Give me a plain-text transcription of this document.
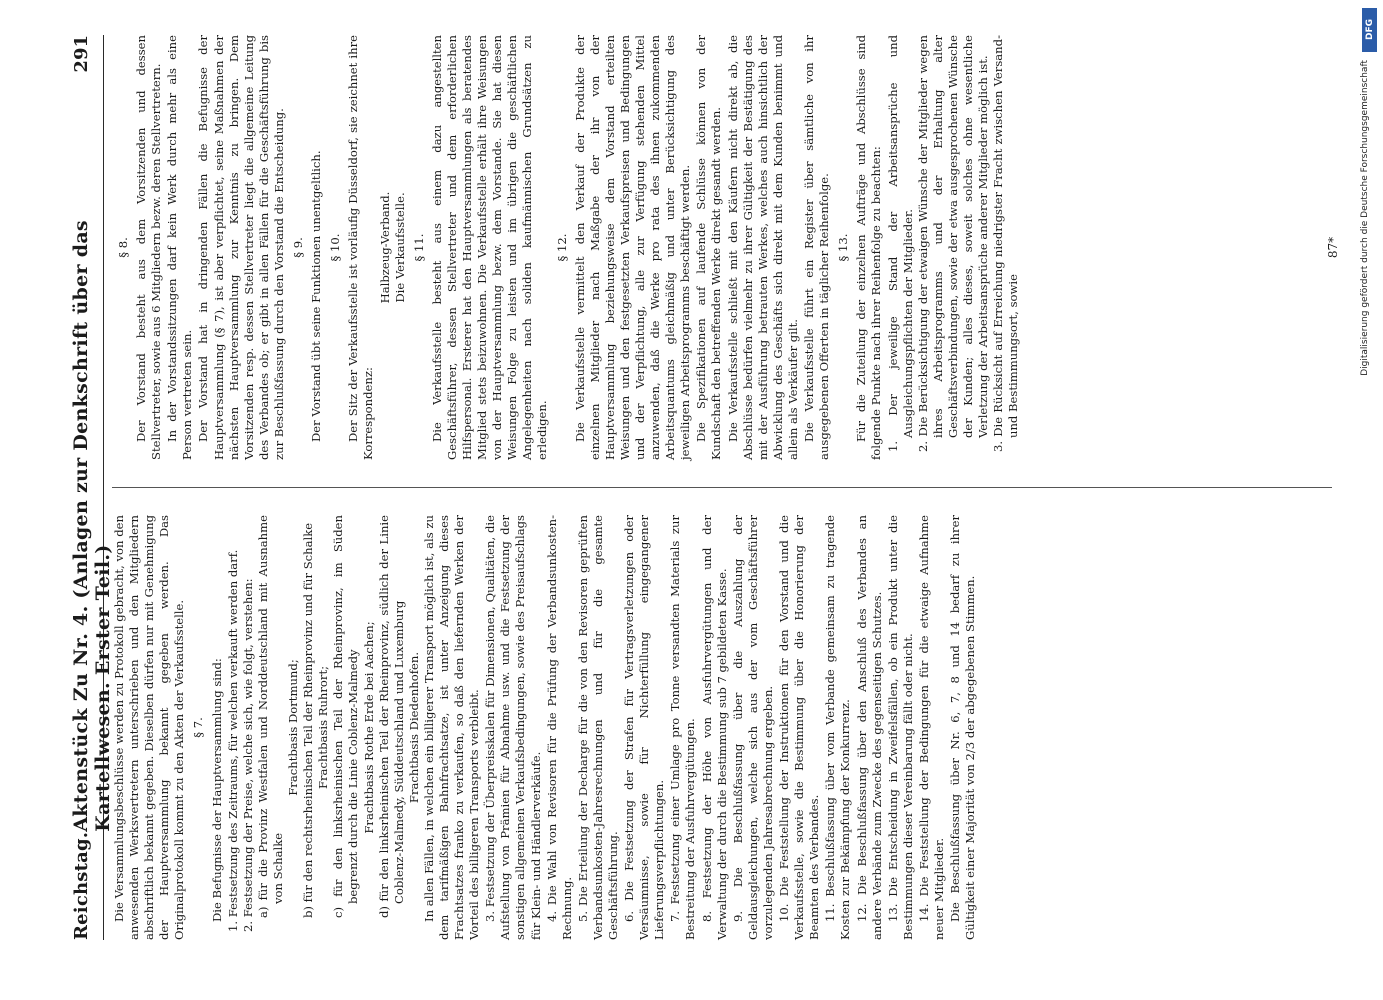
Reichstag.
Aktenstück Zu Nr. 4. (Anlagen zur Denkschrift über das Kartellwesen. Erster Teil.)
291

Die Versammlungsbeschlüsse werden zu Protokoll gebracht, von den anwesenden Werksvertretern unterschrieben und den Mitgliedern abschriftlich bekannt gegeben. Dieselben dürfen nur mit Genehmigung der Hauptversammlung bekannt gegeben werden. Das Originalprotokoll kommt zu den Akten der Verkaufsstelle. § 7. Die Befugnisse der Hauptversammlung sind: 1. Festsetzung des Zeitraums, für welchen verkauft werden darf. 2. Festsetzung der Preise, welche sich, wie folgt, verstehen: a) für die Provinz Westfalen und Norddeutschland mit Ausnahme von Schalke

Frachtbasis Dortmund; b) für den rechtsrheinischen Teil der Rheinprovinz und für Schalke Frachtbasis Ruhrort; c) für den linksrheinischen Teil der Rheinprovinz, im Süden begrenzt durch die Linie Coblenz-Malmedy Frachtbasis Rothe Erde bei Aachen; d) für den linksrheinischen Teil der Rheinprovinz, südlich der Linie Coblenz-Malmedy, Süddeutschland und Luxemburg Frachtbasis Diedenhofen. In allen Fällen, in welchen ein billigerer Transport möglich ist, als zu dem tarifmäßigen Bahnfrachtsatze, ist unter Anzeigung dieses Frachtsatzes franko zu verkaufen, so daß den liefernden Werken der Vorteil des billigeren Transports verbleibt. 3. Festsetzung der Überpreisskalen für Dimensionen, Qualitäten, die Aufstellung von Prämien für Abnahme usw. und die Festsetzung der sonstigen allgemeinen Verkaufsbedingungen, sowie des Preisaufschlags für Klein- und Händlerverkäufe. 4. Die Wahl von Revisoren für die Prüfung der Verbandsunkosten-Rechnung. 5. Die Erteilung der Decharge für die von den Revisoren geprüften Verbandsunkosten-Jahresrechnungen und für die gesamte Geschäftsführung. 6. Die Festsetzung der Strafen für Vertragsverletzungen oder Versäumnisse, sowie für Nichterfüllung eingegangener Lieferungsverpflichtungen. 7. Festsetzung einer Umlage pro Tonne versandten Materials zur Bestreitung der Ausfuhrvergütungen. 8. Festsetzung der Höhe von Ausfuhrvergütungen und der Verwaltung der durch die Bestimmung sub 7 gebildeten Kasse. 9. Die Beschlußfassung über die Auszahlung der Geldausgleichungen, welche sich aus der vom Geschäftsführer vorzulegenden Jahresabrechnung ergeben. 10. Die Feststellung der Instruktionen für den Vorstand und die Verkaufsstelle, sowie die Bestimmung über die Honorierung der Beamten des Verbandes. 11. Beschlußfassung über vom Verbande gemeinsam zu tragende Kosten zur Bekämpfung der Konkurrenz. 12. Die Beschlußfassung über den Anschluß des Verbandes an andere Verbände zum Zwecke des gegenseitigen Schutzes. 13. Die Entscheidung in Zweifelsfällen, ob ein Produkt unter die Bestimmungen dieser Vereinbarung fällt oder nicht. 14. Die Feststellung der Bedingungen für die etwaige Aufnahme neuer Mitglieder. Die Beschlußfassung über Nr. 6, 7, 8 und 14 bedarf zu ihrer Gültigkeit einer Majorität von 2/3 der abgegebenen Stimmen.

§ 8. Der Vorstand besteht aus dem Vorsitzenden und dessen Stellvertreter, sowie aus 6 Mitgliedern bezw. deren Stellvertretern. In der Vorstandssitzungen darf kein Werk durch mehr als eine Person vertreten sein. Der Vorstand hat in dringenden Fällen die Befugnisse der Hauptversammlung (§ 7), ist aber verpflichtet, seine Maßnahmen der nächsten Hauptversammlung zur Kenntnis zu bringen. Dem Vorsitzenden resp. dessen Stellvertreter liegt die allgemeine Leitung des Verbandes ob; er gibt in allen Fällen für die Geschäftsführung bis zur Beschlußfassung durch den Vorstand die Entscheidung. § 9. Der Vorstand übt seine Funktionen unentgeltlich. § 10. Der Sitz der Verkaufsstelle ist vorläufig Düsseldorf, sie zeichnet ihre Korrespondenz:

Halbzeug-Verband. Die Verkaufsstelle. § 11. Die Verkaufsstelle besteht aus einem dazu angestellten Geschäftsführer, dessen Stellvertreter und dem erforderlichen Hilfspersonal. Ersterer hat den Hauptversammlungen als beratendes Mitglied stets beizuwohnen. Die Verkaufsstelle erhält ihre Weisungen von der Hauptversammlung bezw. dem Vorstande. Sie hat diesen Weisungen Folge zu leisten und im übrigen die geschäftlichen Angelegenheiten nach soliden kaufmännischen Grundsätzen zu erledigen.

§ 12. Die Verkaufsstelle vermittelt den Verkauf der Produkte der einzelnen Mitglieder nach Maßgabe der ihr von der Hauptversammlung beziehungsweise dem Vorstand erteilten Weisungen und den festgesetzten Verkaufspreisen und Bedingungen und der Verpflichtung, alle zur Verfügung stehenden Mittel anzuwenden, daß die Werke pro rata des ihnen zukommenden Arbeitsquantums gleichmäßig und unter Berücksichtigung des jeweiligen Arbeitsprogramms beschäftigt werden. Die Spezifikationen auf laufende Schlüsse können von der Kundschaft den betreffenden Werke direkt gesandt werden. Die Verkaufsstelle schließt mit den Käufern nicht direkt ab, die Abschlüsse bedürfen vielmehr zu ihrer Gültigkeit der Bestätigung des mit der Ausführung betrauten Werkes, welches auch hinsichtlich der Abwicklung des Geschäfts sich direkt mit dem Kunden benimmt und allein als Verkäufer gilt. Die Verkaufsstelle führt ein Register über sämtliche von ihr ausgegebenen Offerten in täglicher Reihenfolge. § 13. Für die Zuteilung der einzelnen Aufträge und Abschlüsse sind folgende Punkte nach ihrer Reihenfolge zu beachten: 1. Der jeweilige Stand der Arbeitsansprüche und Ausgleichungspflichten der Mitglieder. 2. Die Berücksichtigung der etwaigen Wünsche der Mitglieder wegen ihres Arbeitsprogramms und der Erhaltung alter Geschäftsverbindungen, sowie der etwa ausgesprochenen Wünsche der Kunden; alles dieses, soweit solches ohne wesentliche Verletzung der Arbeitsansprüche anderer Mitglieder möglich ist. 3. Die Rücksicht auf Erreichung niedrigster Fracht zwischen Versand- und Bestimmungsort, sowie

87*
DFG
Digitalisierung gefördert durch die Deutsche Forschungsgemeinschaft
